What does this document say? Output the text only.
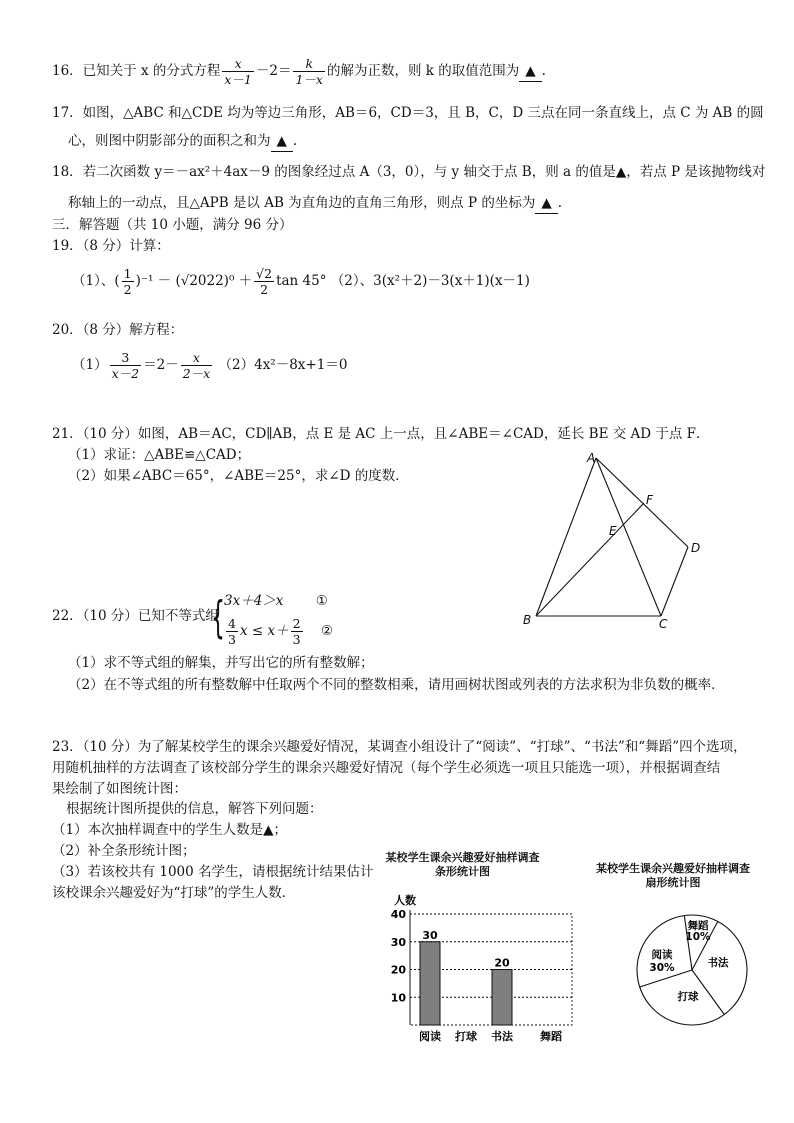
16．已知关于 x 的分式方程 $\frac{x}{x-1} -2= \frac{k}{1-x}$ 的解为正数，则 k 的取值范围为 ▲ .
17．如图，△ABC 和△CDE 均为等边三角形，AB＝6，CD＝3，且 B，C，D 三点在同一条直线上，点 C 为 AB 的圆
心，则图中阴影部分的面积之和为 ▲ .
18．若二次函数 y＝－ax²＋4ax－9 的图象经过点 A（3，0），与 y 轴交于点 B，则 a 的值是▲，若点 P 是该抛物线对
称轴上的一动点，且△APB 是以 AB 为直角边的直角三角形，则点 P 的坐标为 ▲ .
三．解答题（共 10 小题，满分 96 分）
19．（8 分）计算：
（1）、( $\frac{1}{2} )^{-1} - (√2022)^0 + \frac{√2}{2}$ tan 45° （2）、3(x²＋2)－3(x＋1)(x－1)
20．（8 分）解方程：
$(1) \frac{3}{x-2} =2- \frac{x}{2-x} (2)4x^2-8x+1=0$
21．（10 分）如图，AB＝AC，CD∥AB，点 E 是 AC 上一点，且∠ABE＝∠CAD，延长 BE 交 AD 于点 F．
（1）求证：△ABE≌△CAD；
（2）如果∠ABC＝65°，∠ABE＝25°，求∠D 的度数．
A
B	C
D
E
F
22．（10 分）已知不等式组
{ 3x＋4＞x ①
$\frac{4}{3}$ $x \le x+ \frac{2}{3}$ ②
（1）求不等式组的解集，并写出它的所有整数解；
（2）在不等式组的所有整数解中任取两个不同的整数相乘，请用画树状图或列表的方法求积为非负数的概率．
23．（10 分）为了解某校学生的课余兴趣爱好情况，某调查小组设计了“阅读”、“打球”、“书法”和“舞蹈”四个选项，
用随机抽样的方法调查了该校部分学生的课余兴趣爱好情况（每个学生必须选一项且只能选一项），并根据调查结
果绘制了如图统计图：
根据统计图所提供的信息，解答下列问题：
（1）本次抽样调查中的学生人数是▲；
（2）补全条形统计图；
（3）若该校共有 1000 名学生，请根据统计结果估计
该校课余兴趣爱好为“打球”的学生人数．
某校学生课余兴趣爱好抽样调查
条形统计图
人数
10
20
30
40
30
阅读 打球
20
书法 舞蹈
某校学生课余兴趣爱好抽样调查
扇形统计图
舞蹈
10%
书法
打球
阅读
30%
